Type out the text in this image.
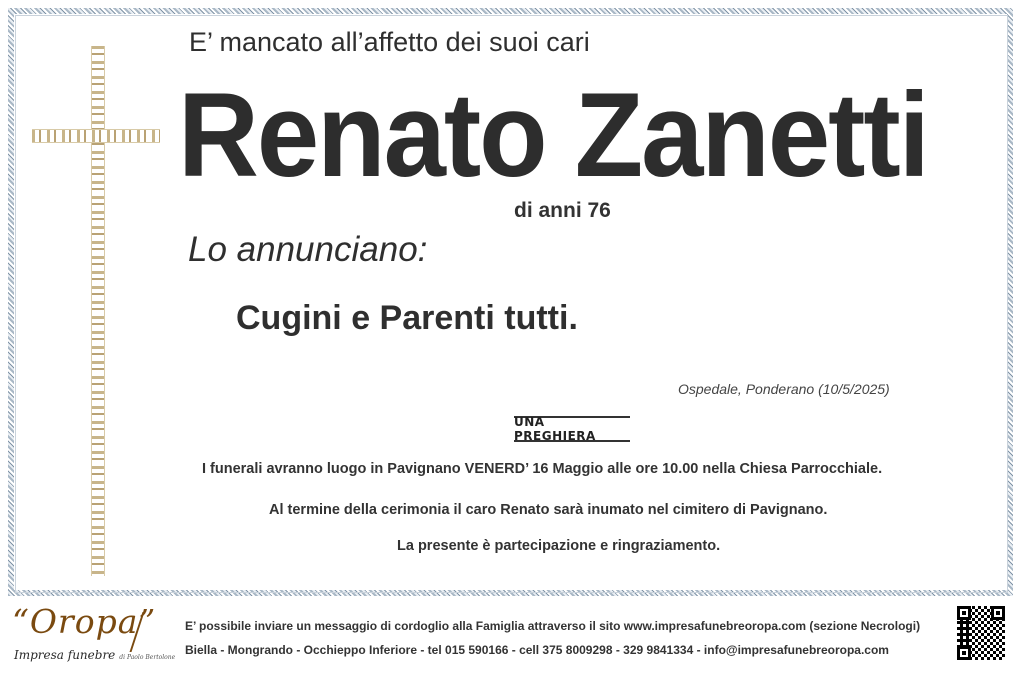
E’ mancato all’affetto dei suoi cari

Renato Zanetti

di anni 76

Lo annunciano:

Cugini e Parenti tutti.

Ospedale, Ponderano (10/5/2025)

UNA PREGHIERA

I funerali avranno luogo in Pavignano VENERD’ 16 Maggio alle ore 10.00 nella Chiesa Parrocchiale.

Al termine della cerimonia il caro Renato sarà inumato nel cimitero di Pavignano.

La presente è partecipazione e ringraziamento.

“Oropa”
Impresa funebre di Paolo Bertolone

E’ possibile inviare un messaggio di cordoglio alla Famiglia attraverso il sito www.impresafunebreoropa.com (sezione Necrologi)

Biella - Mongrando - Occhieppo Inferiore - tel 015 590166 - cell 375 8009298 - 329 9841334 - info@impresafunebreoropa.com
